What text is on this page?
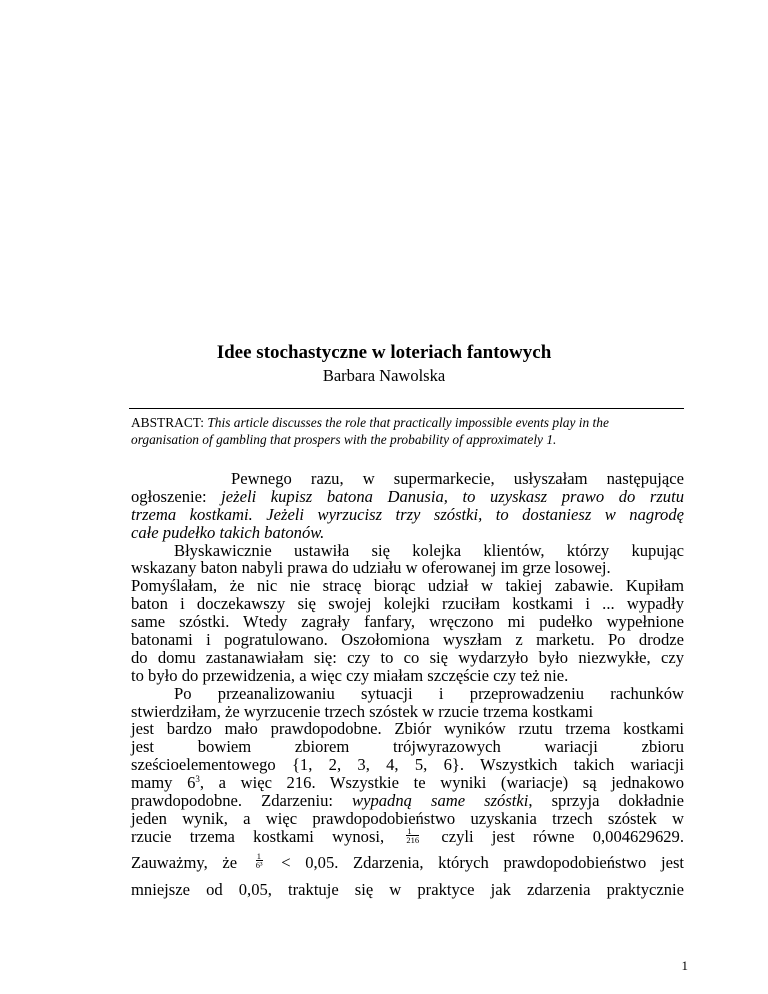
Idee stochastyczne w loteriach fantowych
Barbara Nawolska
ABSTRACT: This article discusses the role that practically impossible events play in the
organisation of gambling that prospers with the probability of approximately 1.
Pewnego razu, w supermarkecie, usłyszałam następujące
ogłoszenie: jeżeli kupisz batona Danusia, to uzyskasz prawo do rzutu
trzema kostkami. Jeżeli wyrzucisz trzy szóstki, to dostaniesz w nagrodę
całe pudełko takich batonów.
Błyskawicznie ustawiła się kolejka klientów, którzy kupując
wskazany baton nabyli prawa do udziału w oferowanej im grze losowej.
Pomyślałam, że nic nie stracę biorąc udział w takiej zabawie. Kupiłam
baton i doczekawszy się swojej kolejki rzuciłam kostkami i ... wypadły
same szóstki. Wtedy zagrały fanfary, wręczono mi pudełko wypełnione
batonami i pogratulowano. Oszołomiona wyszłam z marketu. Po drodze
do domu zastanawiałam się: czy to co się wydarzyło było niezwykłe, czy
to było do przewidzenia, a więc czy miałam szczęście czy też nie.
Po przeanalizowaniu sytuacji i przeprowadzeniu rachunków
stwierdziłam, że wyrzucenie trzech szóstek w rzucie trzema kostkami
jest bardzo mało prawdopodobne. Zbiór wyników rzutu trzema kostkami
jest bowiem zbiorem trójwyrazowych wariacji zbioru
sześcioelementowego {1, 2, 3, 4, 5, 6}. Wszystkich takich wariacji
mamy $6^3$, a więc 216. Wszystkie te wyniki (wariacje) są jednakowo
prawdopodobne. Zdarzeniu: wypadną same szóstki, sprzyja dokładnie
jeden wynik, a więc prawdopodobieństwo uzyskania trzech szóstek w
rzucie trzema kostkami wynosi,	$\frac{1}{216}$ czyli jest równe 0,004629629.
Zauważmy, że $\frac{1}{\text{6³}} < 0,05$. Zdarzenia, których prawdopodobieństwo jest
mniejsze od 0,05, traktuje się w praktyce jak zdarzenia praktycznie
1
